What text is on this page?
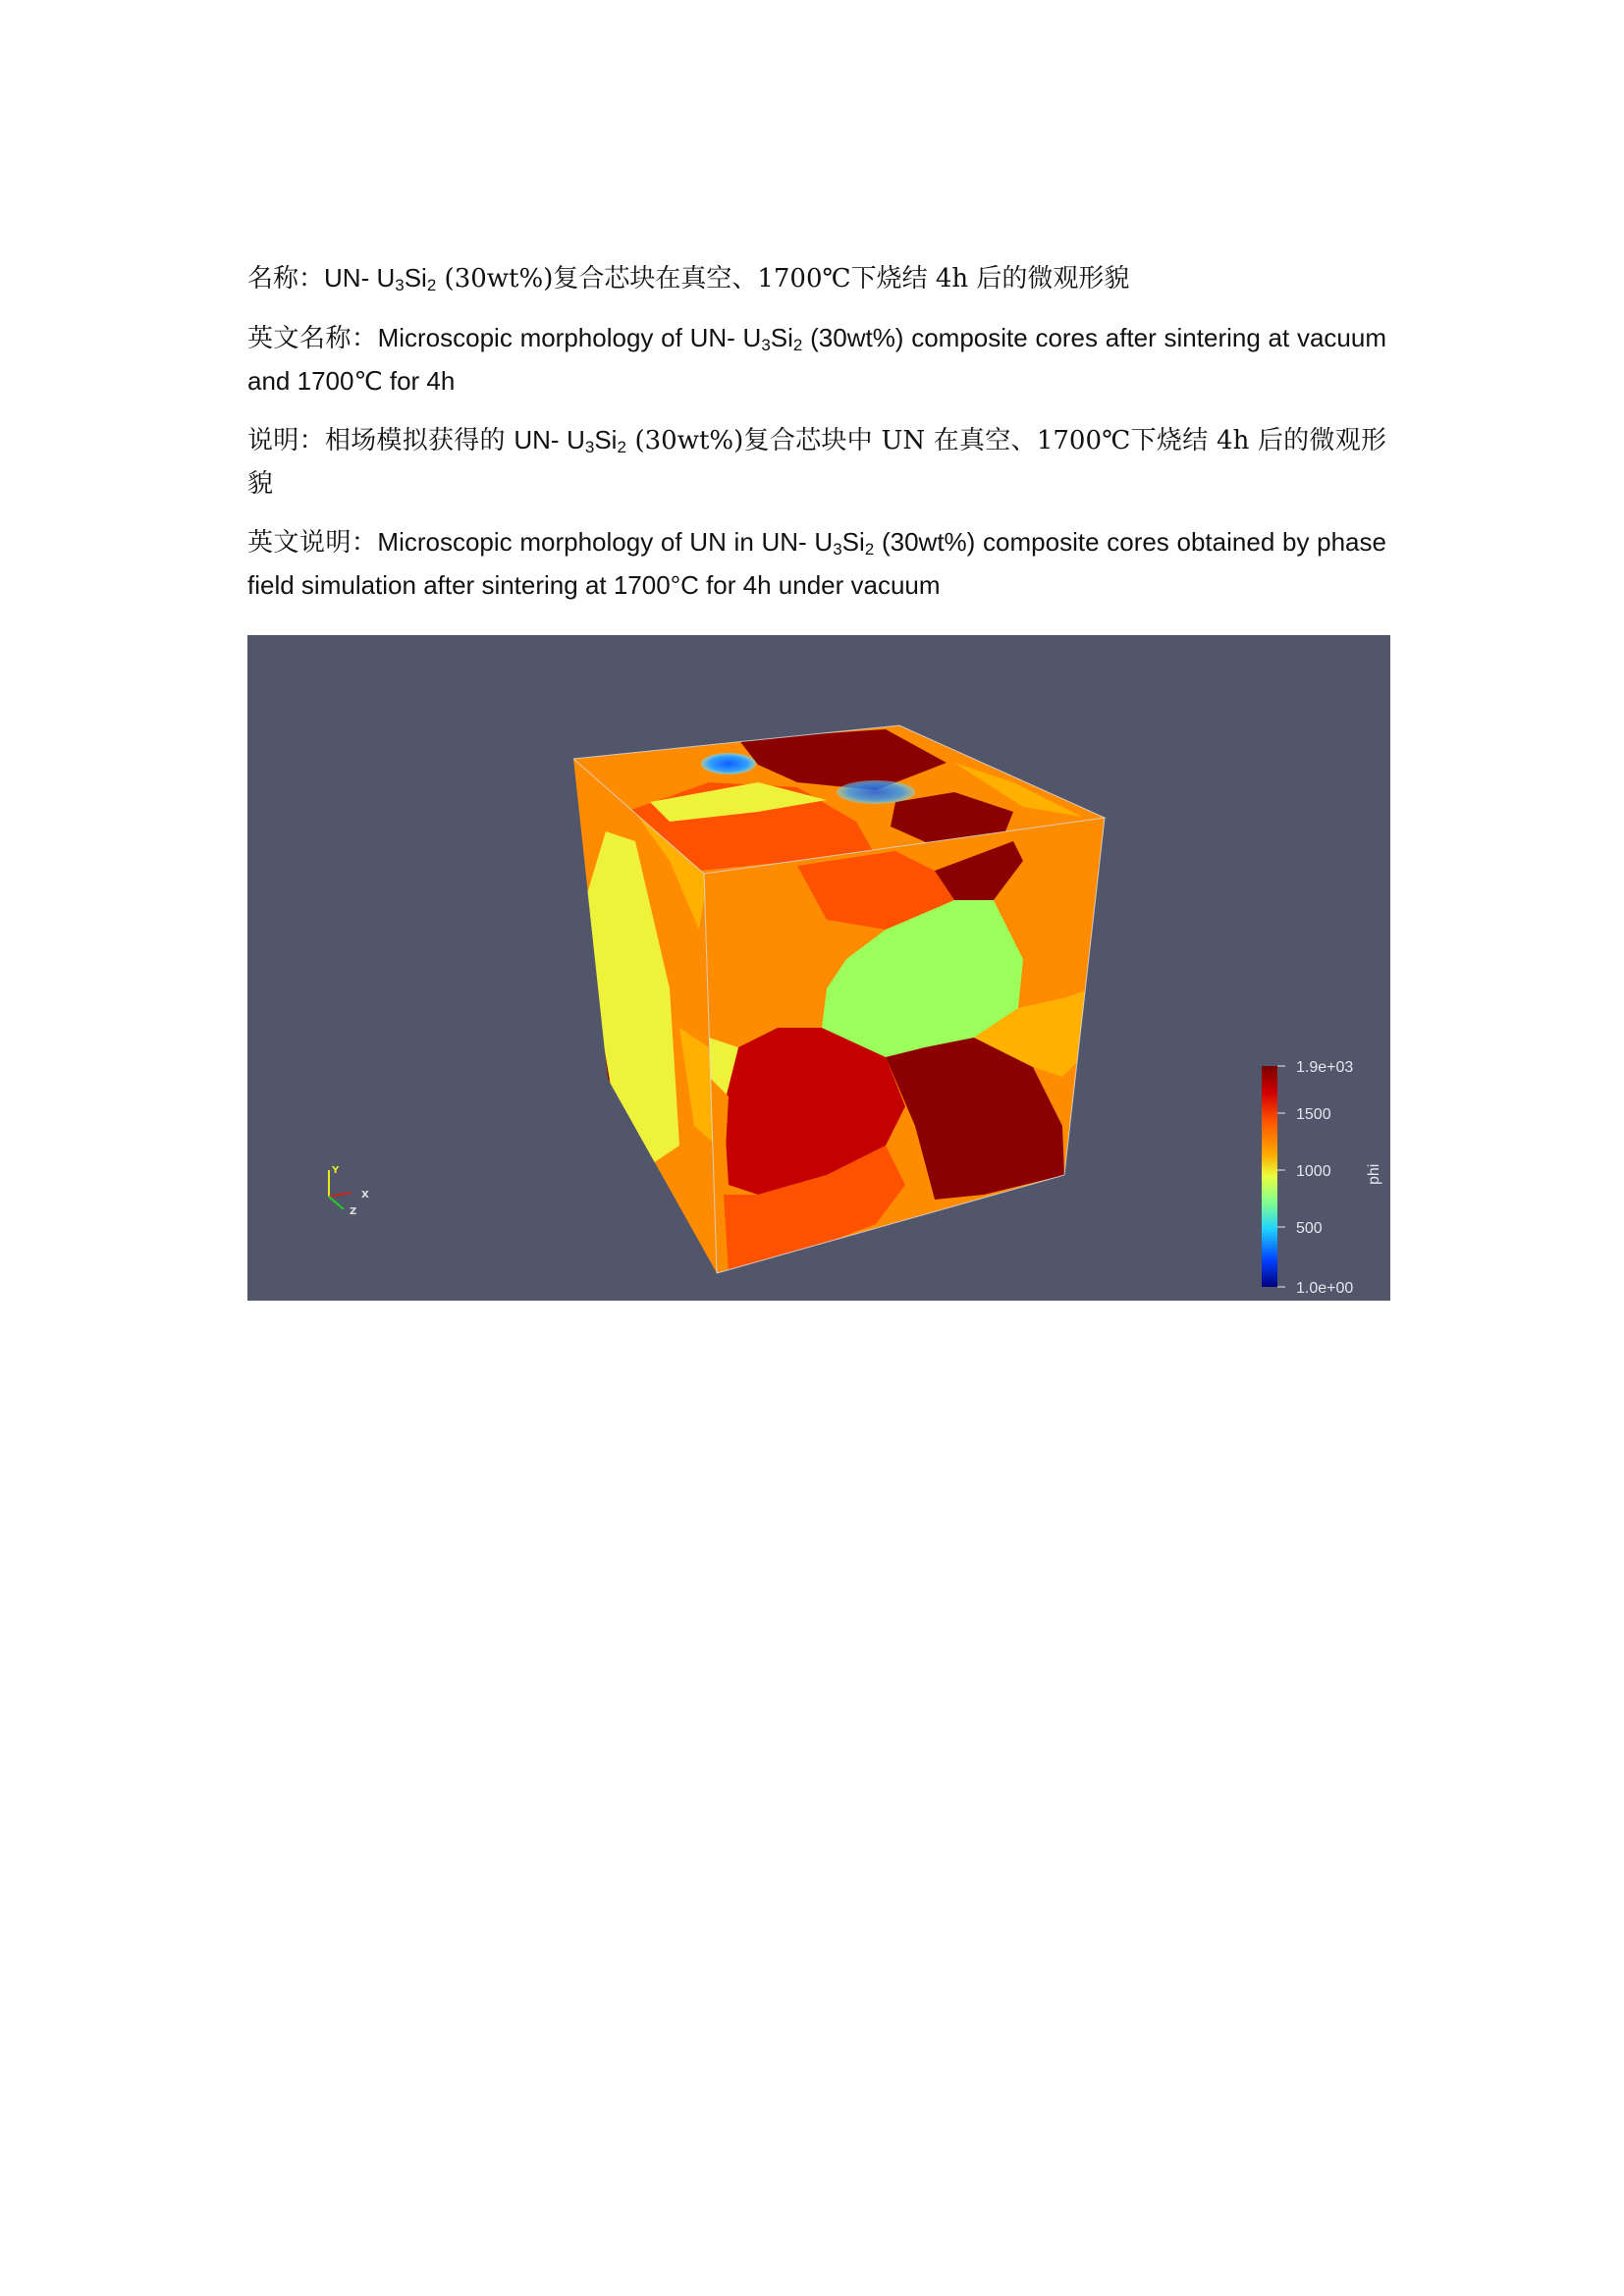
名称：UN- $U_3Si_2$ (30wt%)复合芯块在真空、1700℃下烧结 4h 后的微观形貌
英文名称：Microscopic morphology of UN- $U_3Si_2$ (30wt%) composite cores after sintering at vacuum and 1700℃ for 4h
说明：相场模拟获得的 UN- $U_3Si_2$ (30wt%)复合芯块中 UN 在真空、1700℃下烧结 4h 后的微观形貌
英文说明：Microscopic morphology of UN in UN- $U_3Si_2$ (30wt%) composite cores obtained by phase field simulation after sintering at 1700°C for 4h under vacuum
Y
X
Z
1.9e+03
1500
1000
500
1.0e+00
phi
